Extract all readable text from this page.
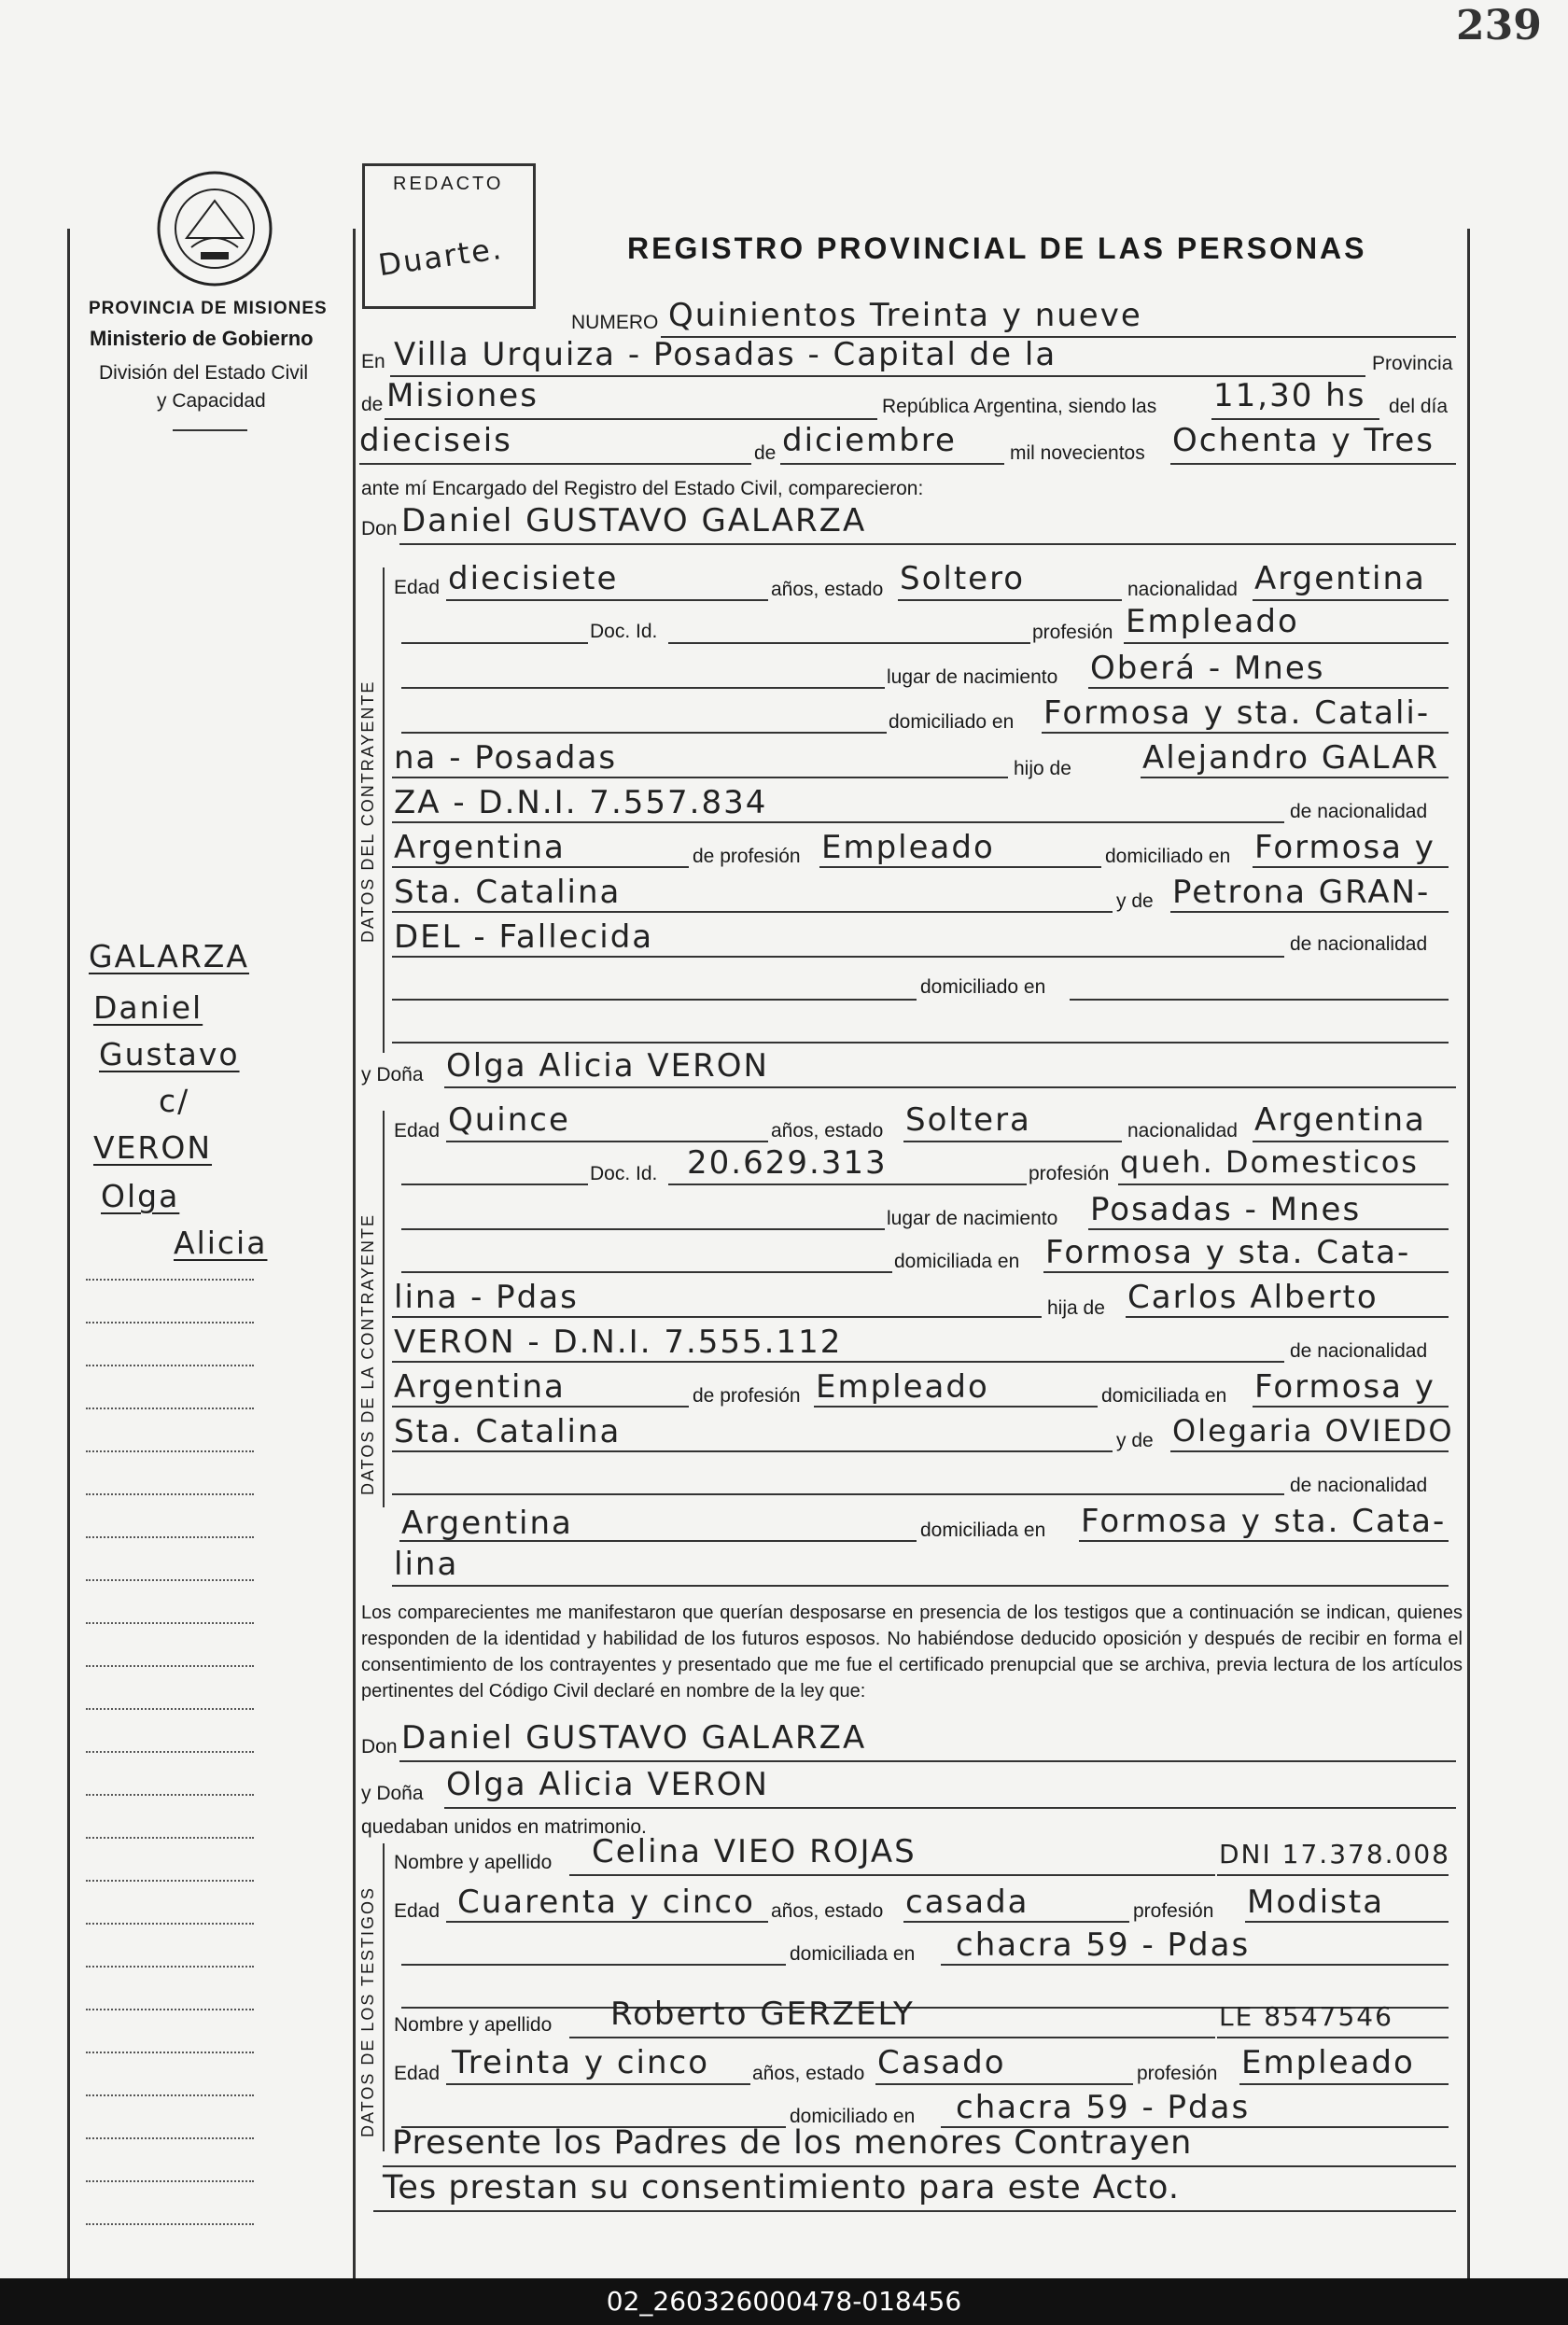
239
PROVINCIA DE MISIONES
Ministerio de Gobierno
División del Estado Civil
y Capacidad
REDACTO
Duarte.	REGISTRO PROVINCIAL DE LAS PERSONAS
GALARZA
Daniel
Gustavo
c/
VERON
Olga
Alicia
NUMERO Quinientos Treinta y nueve
En Villa Urquiza - Posadas - Capital de la	Provincia
de Misiones	República Argentina, siendo las 11,30 hs del día
dieciseis	de diciembre	mil novecientos Ochenta y Tres
ante mí Encargado del Registro del Estado Civil, comparecieron:
Don Daniel GUSTAVO GALARZA
DATOS DEL CONTRAYENTE
Edad diecisiete	años, estado Soltero	nacionalidad Argentina
Doc. Id.	profesión Empleado
lugar de nacimiento Oberá - Mnes
domiciliado en Formosa y sta. Catali-
na - Posadas	hijo de Alejandro GALAR
ZA - D.N.I. 7.557.834	de nacionalidad
Argentina	de profesión Empleado	domiciliado en Formosa y
Sta. Catalina	y de Petrona GRAN-
DEL - Fallecida	de nacionalidad
domiciliado en
y Doña Olga Alicia VERON
DATOS DE LA CONTRAYENTE
Edad Quince	años, estado Soltera	nacionalidad Argentina
Doc. Id. 20.629.313	profesión queh. Domesticos
lugar de nacimiento Posadas - Mnes
domiciliada en Formosa y sta. Cata-
lina - Pdas	hija de Carlos Alberto
VERON - D.N.I. 7.555.112	de nacionalidad
Argentina	de profesión Empleado	domiciliada en Formosa y
Sta. Catalina	y de Olegaria OVIEDO
de nacionalidad
Argentina	domiciliada en Formosa y sta. Cata-
lina
Los comparecientes me manifestaron que querían desposarse en presencia de los testigos que a continuación se indican, quienes responden de la identidad y habilidad de los futuros esposos. No habiéndose deducido oposición y después de recibir en forma el consentimiento de los contrayentes y presentado que me fue el certificado prenupcial que se archiva, previa lectura de los artículos pertinentes del Código Civil declaré en nombre de la ley que:
Don Daniel GUSTAVO GALARZA
y Doña Olga Alicia VERON
quedaban unidos en matrimonio.
DATOS DE LOS TESTIGOS
Nombre y apellido Celina VIEO ROJAS	DNI 17.378.008
Edad Cuarenta y cinco años, estado casada	profesión Modista
domiciliada en chacra 59 - Pdas
Nombre y apellido Roberto GERZELY	LE 8547546
Edad Treinta y cinco años, estado Casado	profesión Empleado
domiciliado en chacra 59 - Pdas
Presente los Padres de los menores Contrayen
Tes prestan su consentimiento para este Acto.
02_260326000478-018456
